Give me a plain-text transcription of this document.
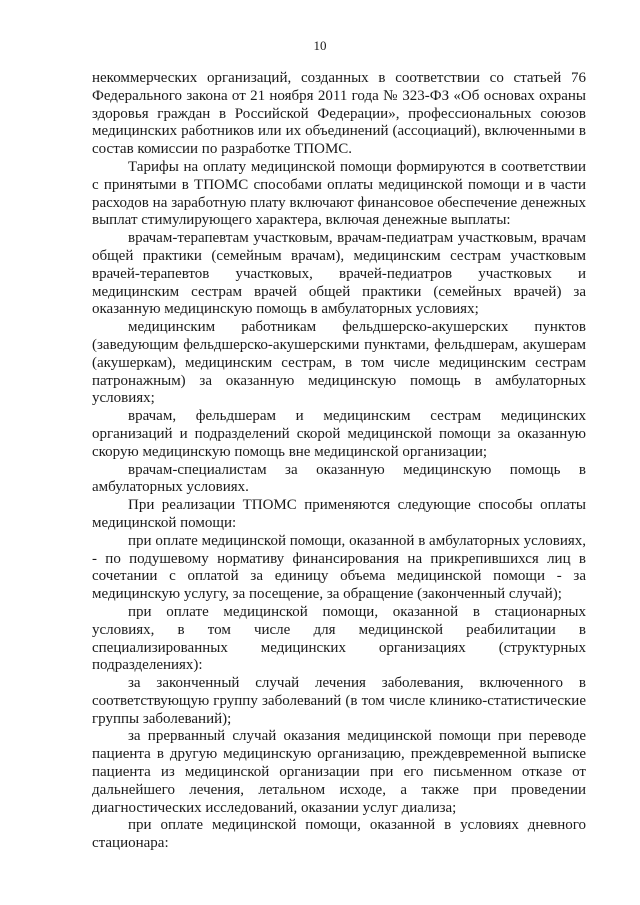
10

некоммерческих организаций, созданных в соответствии со статьей 76 Федерального закона от 21 ноября 2011 года № 323-ФЗ «Об основах охраны здоровья граждан в Российской Федерации», профессиональных союзов медицинских работников или их объединений (ассоциаций), включенными в состав комиссии по разработке ТПОМС.

Тарифы на оплату медицинской помощи формируются в соответствии с принятыми в ТПОМС способами оплаты медицинской помощи и в части расходов на заработную плату включают финансовое обеспечение денежных выплат стимулирующего характера, включая денежные выплаты:

врачам-терапевтам участковым, врачам-педиатрам участковым, врачам общей практики (семейным врачам), медицинским сестрам участковым врачей-терапевтов участковых, врачей-педиатров участковых и медицинским сестрам врачей общей практики (семейных врачей) за оказанную медицинскую помощь в амбулаторных условиях;

медицинским работникам фельдшерско-акушерских пунктов (заведующим фельдшерско-акушерскими пунктами, фельдшерам, акушерам (акушеркам), медицинским сестрам, в том числе медицинским сестрам патронажным) за оказанную медицинскую помощь в амбулаторных условиях;

врачам, фельдшерам и медицинским сестрам медицинских организаций и подразделений скорой медицинской помощи за оказанную скорую медицинскую помощь вне медицинской организации;

врачам-специалистам за оказанную медицинскую помощь в амбулаторных условиях.

При реализации ТПОМС применяются следующие способы оплаты медицинской помощи:

при оплате медицинской помощи, оказанной в амбулаторных условиях, - по подушевому нормативу финансирования на прикрепившихся лиц в сочетании с оплатой за единицу объема медицинской помощи - за медицинскую услугу, за посещение, за обращение (законченный случай);

при оплате медицинской помощи, оказанной в стационарных условиях, в том числе для медицинской реабилитации в специализированных медицинских организациях (структурных подразделениях):

за законченный случай лечения заболевания, включенного в соответствующую группу заболеваний (в том числе клинико-статистические группы заболеваний);

за прерванный случай оказания медицинской помощи при переводе пациента в другую медицинскую организацию, преждевременной выписке пациента из медицинской организации при его письменном отказе от дальнейшего лечения, летальном исходе, а также при проведении диагностических исследований, оказании услуг диализа;

при оплате медицинской помощи, оказанной в условиях дневного стационара:
